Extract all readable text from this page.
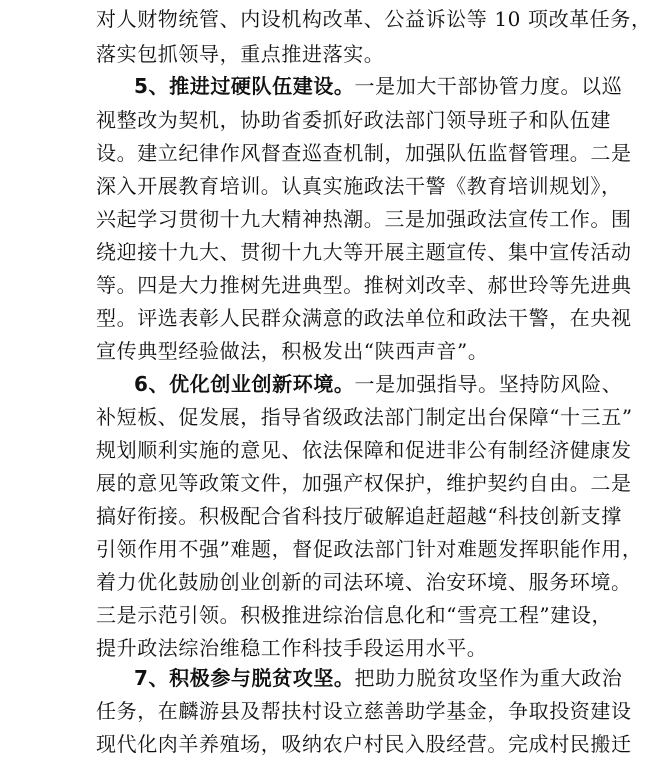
对人财物统管、内设机构改革、公益诉讼等 10 项改革任务，
落实包抓领导，重点推进落实。
5、推进过硬队伍建设。一是加大干部协管力度。以巡
视整改为契机，协助省委抓好政法部门领导班子和队伍建
设。建立纪律作风督查巡查机制，加强队伍监督管理。二是
深入开展教育培训。认真实施政法干警《教育培训规划》，
兴起学习贯彻十九大精神热潮。三是加强政法宣传工作。围
绕迎接十九大、贯彻十九大等开展主题宣传、集中宣传活动
等。四是大力推树先进典型。推树刘改幸、郝世玲等先进典
型。评选表彰人民群众满意的政法单位和政法干警，在央视
宣传典型经验做法，积极发出“陕西声音”。
6、优化创业创新环境。一是加强指导。坚持防风险、
补短板、促发展，指导省级政法部门制定出台保障“十三五”
规划顺利实施的意见、依法保障和促进非公有制经济健康发
展的意见等政策文件，加强产权保护，维护契约自由。二是
搞好衔接。积极配合省科技厅破解追赶超越“科技创新支撑
引领作用不强”难题，督促政法部门针对难题发挥职能作用，
着力优化鼓励创业创新的司法环境、治安环境、服务环境。
三是示范引领。积极推进综治信息化和“雪亮工程”建设，
提升政法综治维稳工作科技手段运用水平。
7、积极参与脱贫攻坚。把助力脱贫攻坚作为重大政治
任务，在麟游县及帮扶村设立慈善助学基金，争取投资建设
现代化肉羊养殖场，吸纳农户村民入股经营。完成村民搬迁
